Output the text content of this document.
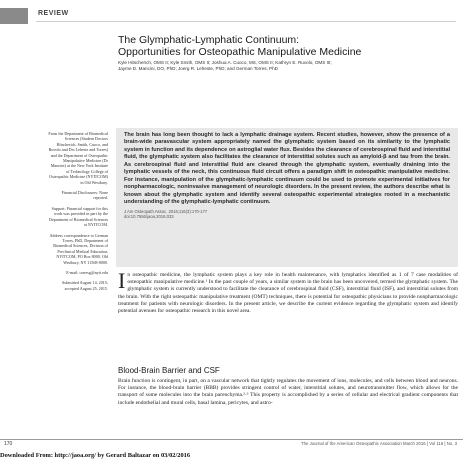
REVIEW
The Glymphatic-Lymphatic Continuum:
Opportunities for Osteopathic Manipulative Medicine
Kyle Hitscherich, OMS II; Kyle Smith, OMS II; Joshua A. Cuoco, MS, OMS II; Kathryn E. Ruvolo, OMS III;
Jayme D. Mancini, DO, PhD; Joerg R. Leheste, PhD; and German Torres, PhD
From the Department of Biomedical Sciences (Student Doctors Hitscherich, Smith, Cuoco, and Ruvolo and Drs Leheste and Torres) and the Department of Osteopathic Manipulative Medicine (Dr Mancini) at the New York Institute of Technology College of Osteopathic Medicine (NYITCOM) in Old Westbury.
Financial Disclosures: None reported.
Support: Financial support for this work was provided in part by the Department of Biomedical Sciences at NYITCOM.
Address correspondence to German Torres, PhD, Department of Biomedical Sciences, Division of Preclinical Medical Education, NYITCOM, PO Box 8000, Old Westbury, NY 11568-8000.
E-mail: torresg@nyit.edu
Submitted August 14, 2015; accepted August 25, 2015.
The brain has long been thought to lack a lymphatic drainage system. Recent studies, however, show the presence of a brain-wide paravascular system appropriately named the glymphatic system based on its similarity to the lymphatic system in function and its dependence on astroglial water flux. Besides the clearance of cerebrospinal fluid and interstitial fluid, the glymphatic system also facilitates the clearance of interstitial solutes such as amyloid-β and tau from the brain. As cerebrospinal fluid and interstitial fluid are cleared through the glymphatic system, eventually draining into the lymphatic vessels of the neck, this continuous fluid circuit offers a paradigm shift in osteopathic manipulative medicine. For instance, manipulation of the glymphatic-lymphatic continuum could be used to promote experimental initiatives for nonpharmacologic, noninvasive management of neurologic disorders. In the present review, the authors describe what is known about the glymphatic system and identify several osteopathic experimental strategies rooted in a mechanistic understanding of the glymphatic-lymphatic continuum.
J Am Osteopath Assoc. 2016;116(3):170-177
doi:10.7556/jaoa.2016.033
I n osteopathic medicine, the lymphatic system plays a key role in health maintenance, with lymphatics identified as 1 of 7 case modalities of osteopathic manipulative medicine.¹ In the past couple of years, a similar system in the brain has been uncovered, termed the glymphatic system. The glymphatic system is currently understood to facilitate the clearance of cerebrospinal fluid (CSF), interstitial fluid (ISF), and interstitial solutes from the brain. With the right osteopathic manipulative treatment (OMT) techniques, there is potential for osteopathic physicians to provide nonpharmacologic treatment for patients with neurologic disorders. In the present article, we describe the current evidence regarding the glymphatic system and identify potential avenues for osteopathic research in this novel area.
Blood-Brain Barrier and CSF
Brain function is contingent, in part, on a vascular network that tightly regulates the movement of ions, molecules, and cells between blood and neurons. For instance, the blood-brain barrier (BBB) provides stringent control of water, interstitial solutes, and neurotransmitter flow, which allows for the transport of some molecules into the brain parenchyma.²·³ This property is accomplished by a series of cellular and electrical gradient components that include endothelial and mural cells, basal lamina, pericytes, and astro-
170	The Journal of the American Osteopathic Association March 2016 | Vol 116 | No. 3
Downloaded From: http://jaoa.org/ by Gerard Baltazar on 03/02/2016
